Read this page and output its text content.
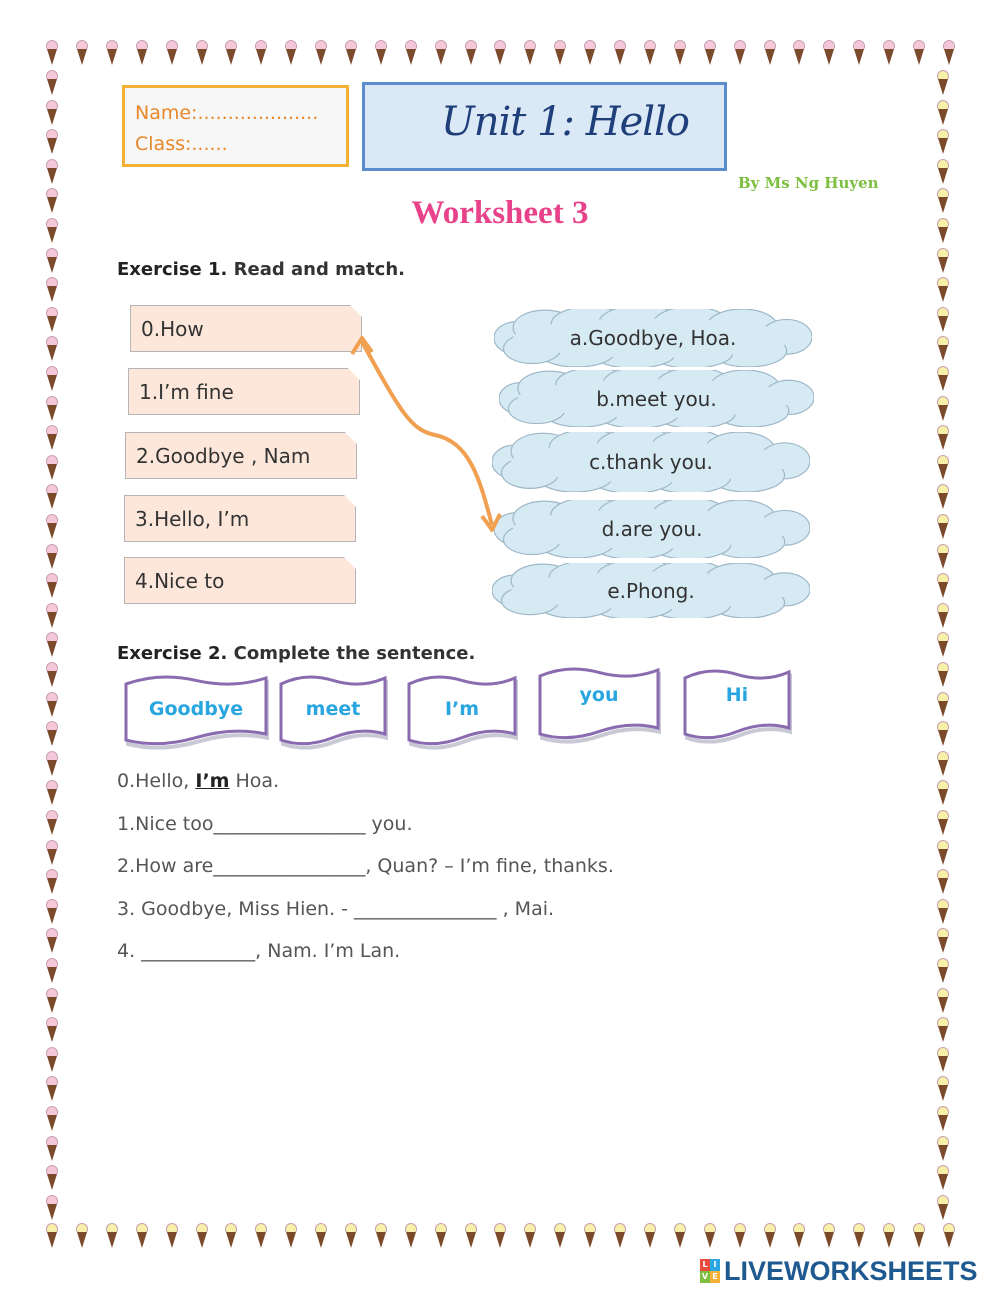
Name:....................
Class:......	Unit 1: Hello
By Ms Ng Huyen
Worksheet 3
Exercise 1. Read and match.
0.How
1.I’m fine
2.Goodbye , Nam
3.Hello, I’m
4.Nice to
a.Goodbye, Hoa.
b.meet you.
c.thank you.
d.are you.
e.Phong.
Exercise 2. Complete the sentence.
Goodbye	meet	I’m
you	Hi
0.Hello, I’m Hoa.
1.Nice too________________ you.
2.How are________________, Quan? – I’m fine, thanks.
3. Goodbye, Miss Hien. - _______________ , Mai.
4. ____________, Nam. I’m Lan.
L I
V E LIVEWORKSHEETS
